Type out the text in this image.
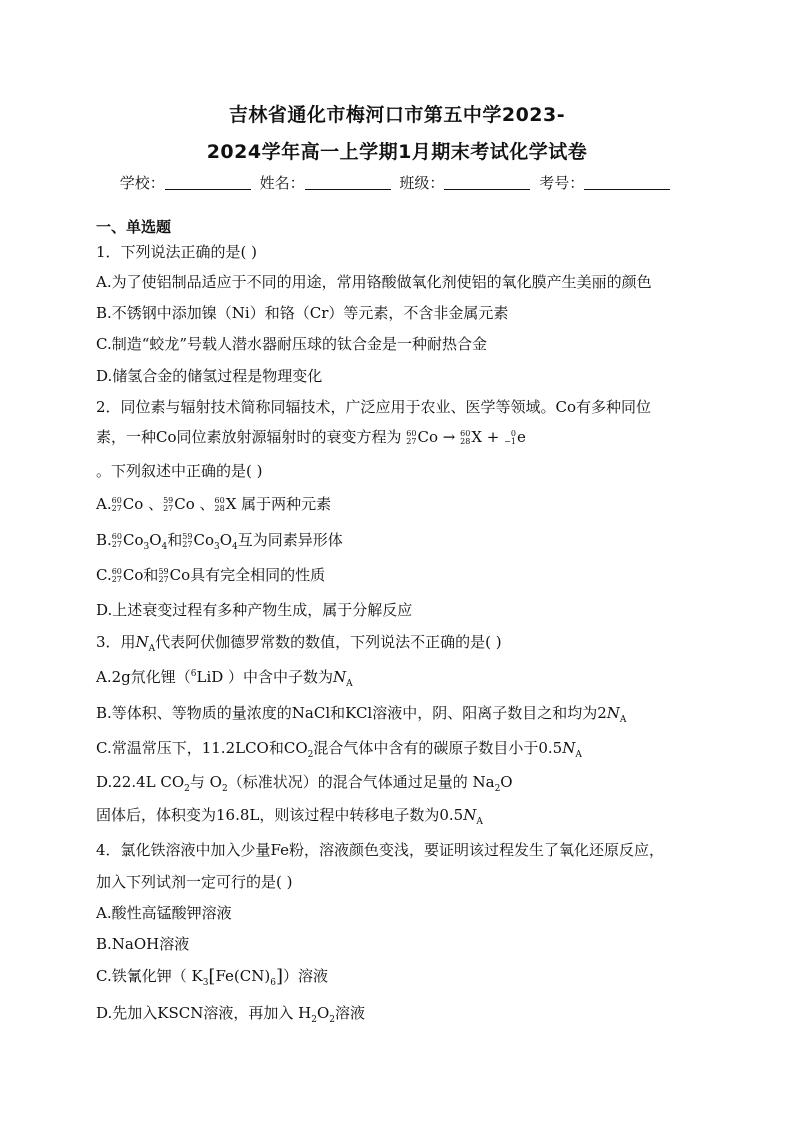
吉林省通化市梅河口市第五中学2023-
2024学年高一上学期1月期末考试化学试卷
学校：	姓名：	班级：	考号：
一、单选题
1．下列说法正确的是( )
A.为了使铝制品适应于不同的用途，常用铬酸做氧化剂使铝的氧化膜产生美丽的颜色
B.不锈钢中添加镍（Ni）和铬（Cr）等元素，不含非金属元素
C.制造“蛟龙”号载人潜水器耐压球的钛合金是一种耐热合金
D.储氢合金的储氢过程是物理变化
2．同位素与辐射技术简称同辐技术，广泛应用于农业、医学等领域。Co有多种同位
素，一种Co同位素放射源辐射时的衰变方程为 60
27 Co → 60
28 X + 0
−1 e
。下列叙述中正确的是( )
A. 60
27 Co 、 59
27 Co 、 60
28 X 属于两种元素
B. 60
27 $Co_3O_4$和 59
27 $Co_3O_4$互为同素异形体
C. 60
27 Co和 59
27 Co具有完全相同的性质
D.上述衰变过程有多种产物生成，属于分解反应
3．用$N_A$代表阿伏伽德罗常数的数值，下列说法不正确的是( )
A.2g氘化锂（$^6$LiD ）中含中子数为$N_A$
B.等体积、等物质的量浓度的NaCl和KCl溶液中，阴、阳离子数目之和均为$2N_A$
C.常温常压下，11.2LCO和$CO_2$混合气体中含有的碳原子数目小于$0.5N_A$
D.22.4L $CO_2$与 $O_2$（标准状况）的混合气体通过足量的 $Na_2O$
固体后，体积变为16.8L，则该过程中转移电子数为$0.5N_A$
4．氯化铁溶液中加入少量Fe粉，溶液颜色变浅，要证明该过程发生了氧化还原反应，
加入下列试剂一定可行的是( )
A.酸性高锰酸钾溶液
B.NaOH溶液
C.铁氰化钾（ $K_3[Fe(CN)_6]$）溶液
D.先加入KSCN溶液，再加入 $H_2O_2$溶液
